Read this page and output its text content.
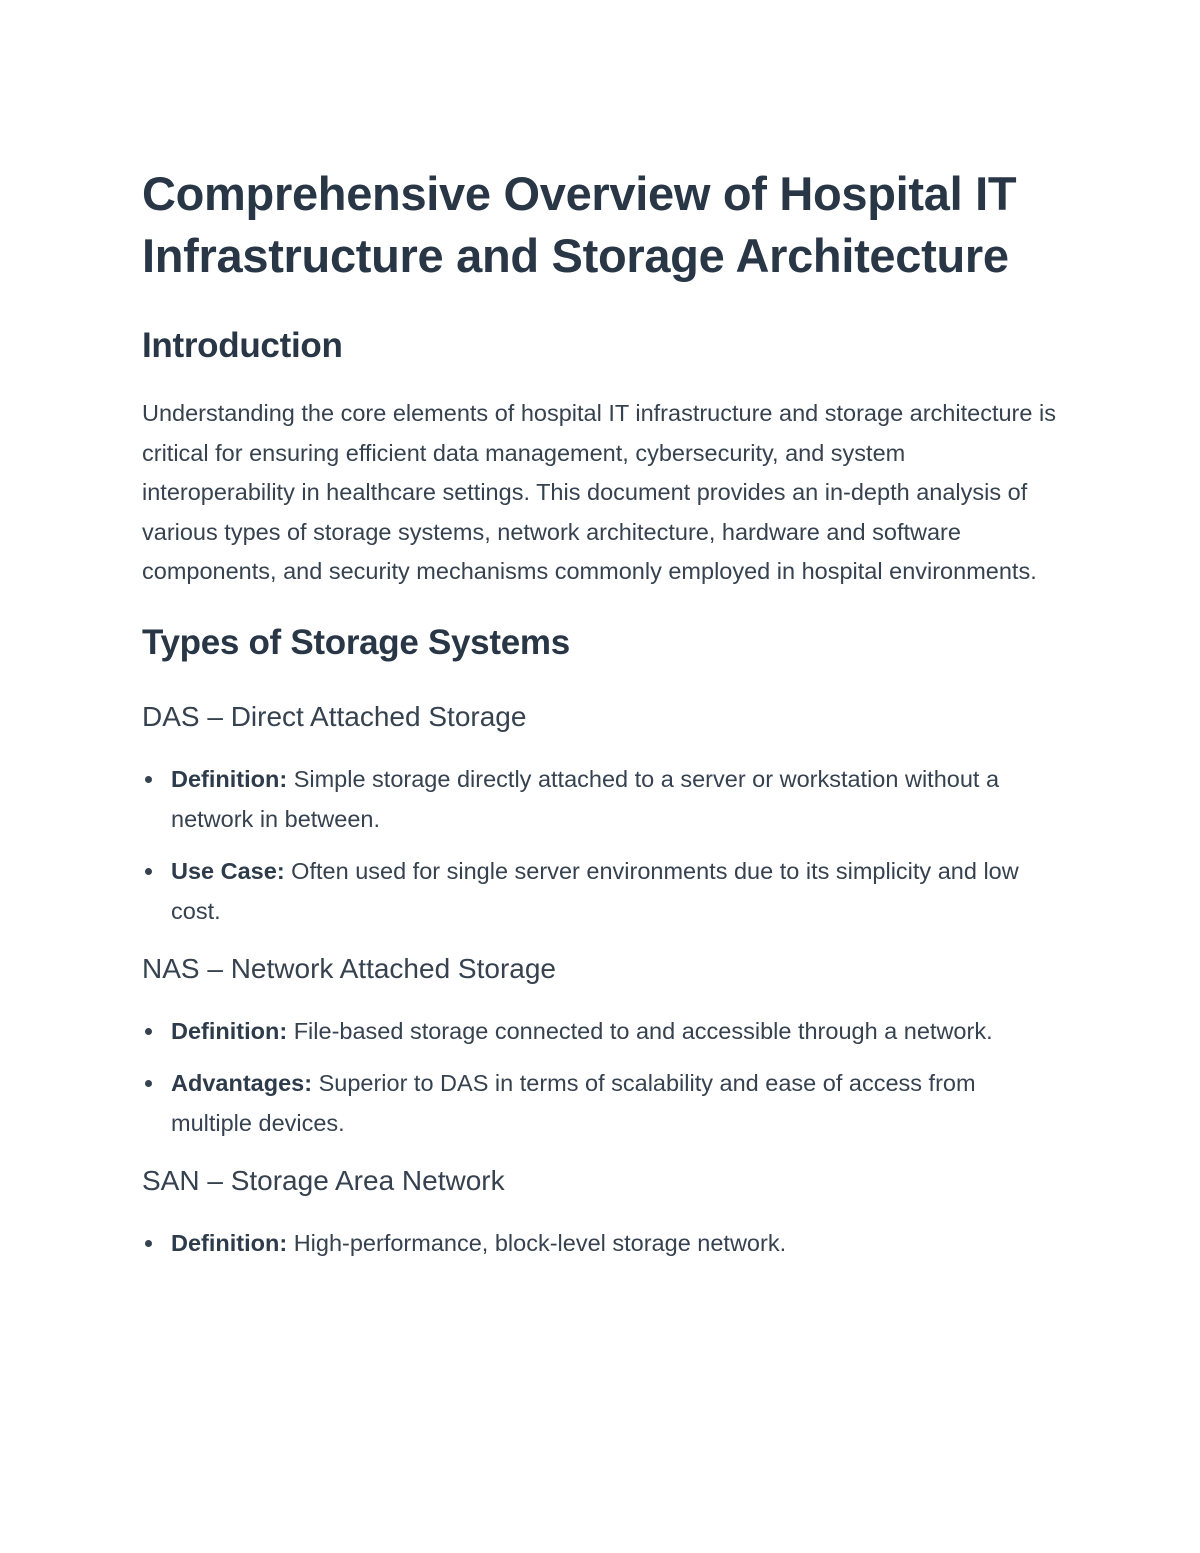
Comprehensive Overview of Hospital IT Infrastructure and Storage Architecture
Introduction

Understanding the core elements of hospital IT infrastructure and storage architecture is critical for ensuring efficient data management, cybersecurity, and system interoperability in healthcare settings. This document provides an in-depth analysis of various types of storage systems, network architecture, hardware and software components, and security mechanisms commonly employed in hospital environments.

Types of Storage Systems
DAS – Direct Attached Storage
Definition: Simple storage directly attached to a server or workstation without a network in between.
Use Case: Often used for single server environments due to its simplicity and low cost.
NAS – Network Attached Storage
Definition: File-based storage connected to and accessible through a network.
Advantages: Superior to DAS in terms of scalability and ease of access from multiple devices.
SAN – Storage Area Network
Definition: High-performance, block-level storage network.
